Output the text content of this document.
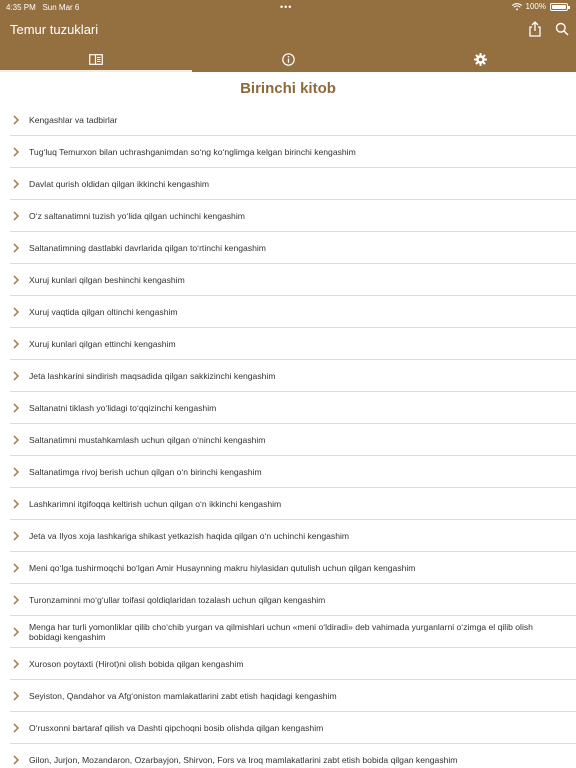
4:35 PM Sun Mar 6	•••	100%
Temur tuzuklari
Birinchi kitob
Kengashlar va tadbirlar
Tugʻluq Temurxon bilan uchrashganimdan soʻng koʻnglimga kelgan birinchi kengashim
Davlat qurish oldidan qilgan ikkinchi kengashim
Oʻz saltanatimni tuzish yoʻlida qilgan uchinchi kengashim
Saltanatimning dastlabki davrlarida qilgan toʻrtinchi kengashim
Xuruj kunlari qilgan beshinchi kengashim
Xuruj vaqtida qilgan oltinchi kengashim
Xuruj kunlari qilgan ettinchi kengashim
Jeta lashkarini sindirish maqsadida qilgan sakkizinchi kengashim
Saltanatni tiklash yoʻlidagi toʻqqizinchi kengashim
Saltanatimni mustahkamlash uchun qilgan oʻninchi kengashim
Saltanatimga rivoj berish uchun qilgan oʻn birinchi kengashim
Lashkarimni itgifoqqa keltirish uchun qilgan oʻn ikkinchi kengashim
Jeta va Ilyos xoja lashkariga shikast yetkazish haqida qilgan oʻn uchinchi kengashim
Meni qoʻlga tushirmoqchi boʻlgan Amir Husaynning makru hiylasidan qutulish uchun qilgan kengashim
Turonzaminni moʻgʻullar toifasi qoldiqlaridan tozalash uchun qilgan kengashim
Menga har turli yomonliklar qilib choʻchib yurgan va qilmishlari uchun «meni oʻldiradi» deb vahimada yurganlarni oʻzimga el qilib olish bobidagi kengashim
Xuroson poytaxti (Hirot)ni olish bobida qilgan kengashim
Seyiston, Qandahor va Afgʻoniston mamlakatlarini zabt etish haqidagi kengashim
Oʻrusxonni bartaraf qilish va Dashti qipchoqni bosib olishda qilgan kengashim
Gilon, Jurjon, Mozandaron, Ozarbayjon, Shirvon, Fors va Iroq mamlakatlarini zabt etish bobida qilgan kengashim
